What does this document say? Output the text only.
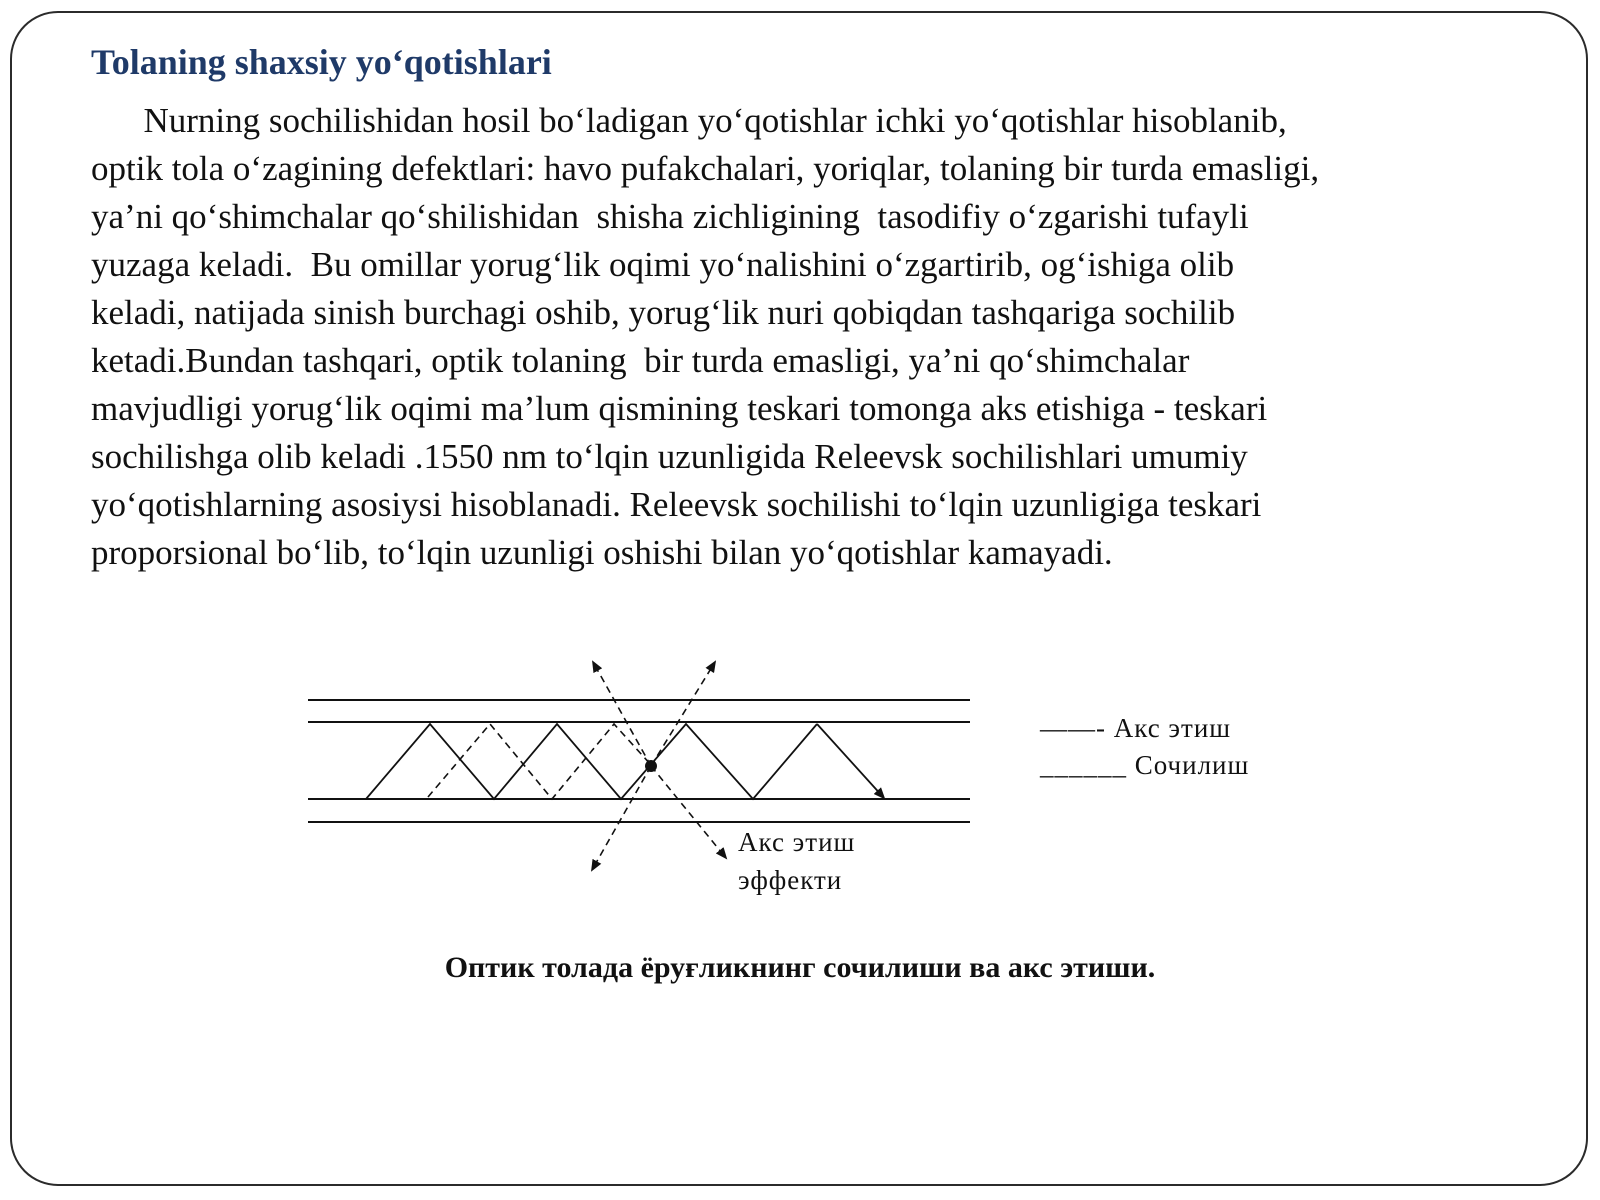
Tolaning shaxsiy yo‘qotishlari
Nurning sochilishidan hosil bo‘ladigan yo‘qotishlar ichki yo‘qotishlar hisoblanib,
optik tola o‘zagining defektlari: havo pufakchalari, yoriqlar, tolaning bir turda emasligi,
ya’ni qo‘shimchalar qo‘shilishidan  shisha zichligining  tasodifiy o‘zgarishi tufayli
yuzaga keladi.  Bu omillar yorug‘lik oqimi yo‘nalishini o‘zgartirib, og‘ishiga olib
keladi, natijada sinish burchagi oshib, yorug‘lik nuri qobiqdan tashqariga sochilib
ketadi.Bundan tashqari, optik tolaning  bir turda emasligi, ya’ni qo‘shimchalar
mavjudligi yorug‘lik oqimi ma’lum qismining teskari tomonga aks etishiga - teskari
sochilishga olib keladi .1550 nm to‘lqin uzunligida Releevsk sochilishlari umumiy
yo‘qotishlarning asosiysi hisoblanadi. Releevsk sochilishi to‘lqin uzunligiga teskari
proporsional bo‘lib, to‘lqin uzunligi oshishi bilan yo‘qotishlar kamayadi.
——- Акс этиш
______ Сочилиш
Акс этиш
эффекти

Оптик толада ёруғликнинг сочилиши ва акс этиши.
